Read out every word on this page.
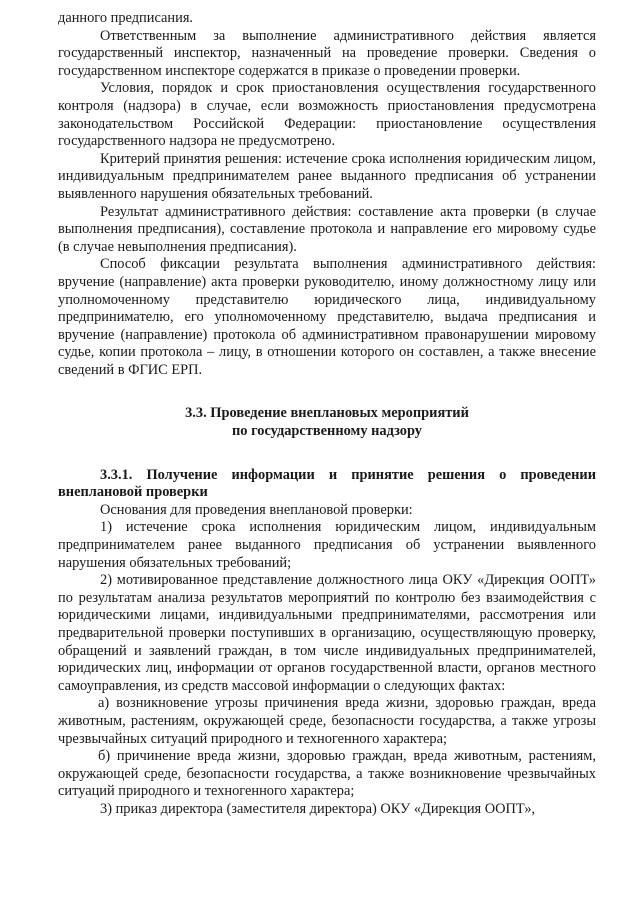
данного предписания.
Ответственным за выполнение административного действия является государственный инспектор, назначенный на проведение проверки. Сведения о государственном инспекторе содержатся в приказе о проведении проверки.
Условия, порядок и срок приостановления осуществления государственного контроля (надзора) в случае, если возможность приостановления предусмотрена законодательством Российской Федерации: приостановление осуществления государственного надзора не предусмотрено.
Критерий принятия решения: истечение срока исполнения юридическим лицом, индивидуальным предпринимателем ранее выданного предписания об устранении выявленного нарушения обязательных требований.
Результат административного действия: составление акта проверки (в случае выполнения предписания), составление протокола и направление его мировому судье (в случае невыполнения предписания).
Способ фиксации результата выполнения административного действия: вручение (направление) акта проверки руководителю, иному должностному лицу или уполномоченному представителю юридического лица, индивидуальному предпринимателю, его уполномоченному представителю, выдача предписания и вручение (направление) протокола об административном правонарушении мировому судье, копии протокола – лицу, в отношении которого он составлен, а также внесение сведений в ФГИС ЕРП.
3.3. Проведение внеплановых мероприятий
по государственному надзору
3.3.1. Получение информации и принятие решения о проведении внеплановой проверки
Основания для проведения внеплановой проверки:
1) истечение срока исполнения юридическим лицом, индивидуальным предпринимателем ранее выданного предписания об устранении выявленного нарушения обязательных требований;
2) мотивированное представление должностного лица ОКУ «Дирекция ООПТ» по результатам анализа результатов мероприятий по контролю без взаимодействия с юридическими лицами, индивидуальными предпринимателями, рассмотрения или предварительной проверки поступивших в организацию, осуществляющую проверку, обращений и заявлений граждан, в том числе индивидуальных предпринимателей, юридических лиц, информации от органов государственной власти, органов местного самоуправления, из средств массовой информации о следующих фактах:
а) возникновение угрозы причинения вреда жизни, здоровью граждан, вреда животным, растениям, окружающей среде, безопасности государства, а также угрозы чрезвычайных ситуаций природного и техногенного характера;
б) причинение вреда жизни, здоровью граждан, вреда животным, растениям, окружающей среде, безопасности государства, а также возникновение чрезвычайных ситуаций природного и техногенного характера;
3) приказ директора (заместителя директора) ОКУ «Дирекция ООПТ»,
